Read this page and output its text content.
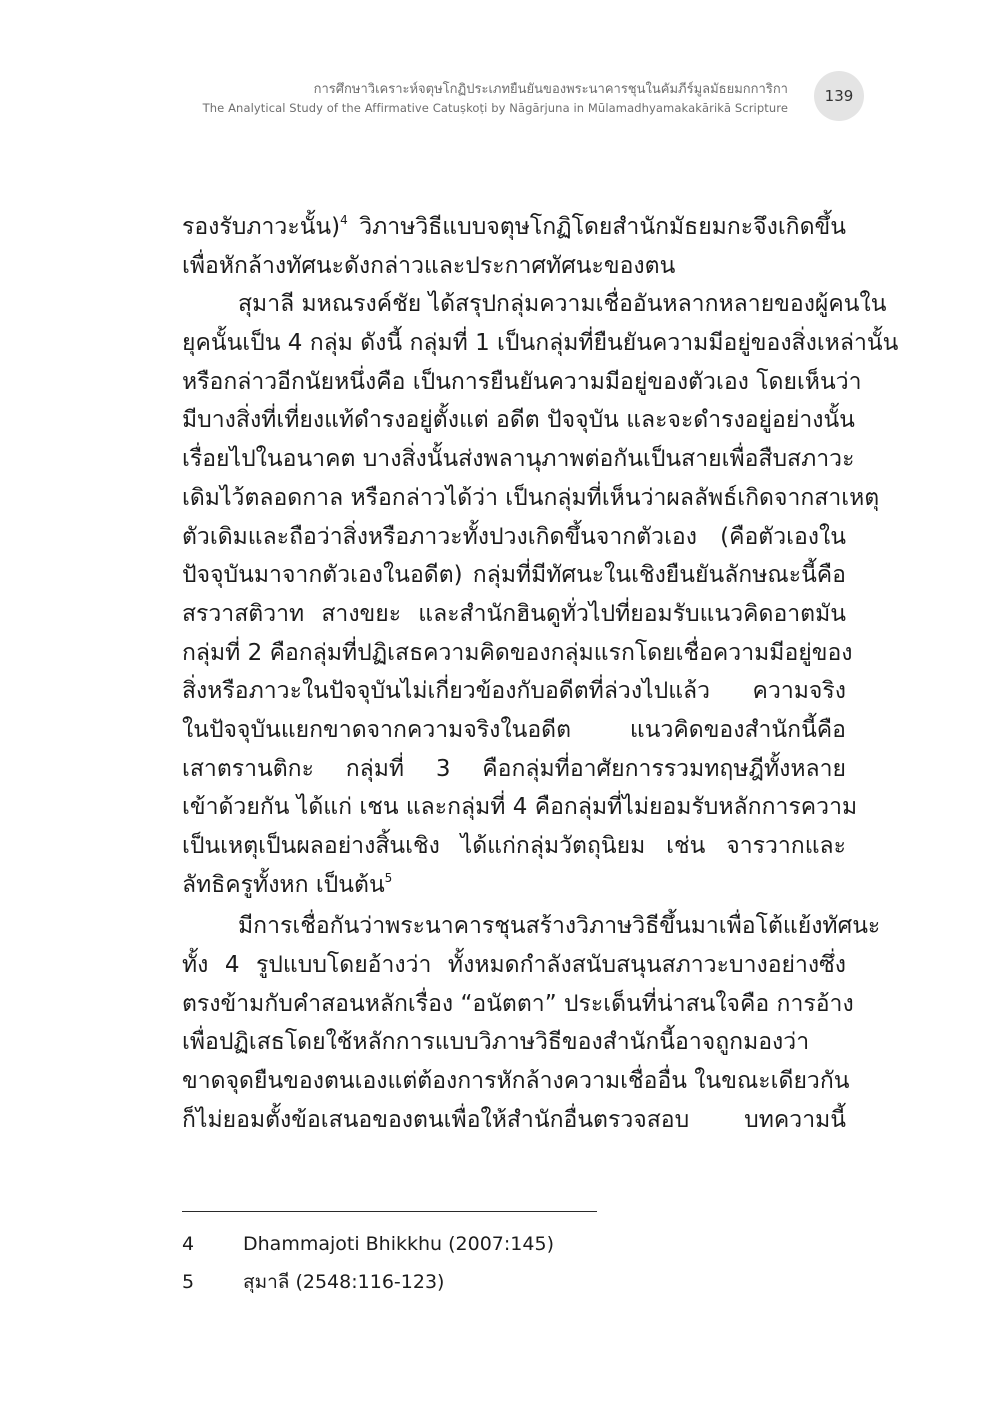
การศึกษาวิเคราะห์จตุษโกฏิประเภทยืนยันของพระนาคารชุนในคัมภีร์มูลมัธยมกการิกา
The Analytical Study of the Affirmative Catuṣkoṭi by Nāgārjuna in Mūlamadhyamakakārikā Scripture
139
รองรับภาวะนั้น)$^4$ วิภาษวิธีแบบจตุษโกฏิโดยสำนักมัธยมกะจึงเกิดขึ้น
เพื่อหักล้างทัศนะดังกล่าวและประกาศทัศนะของตน
สุมาลี มหณรงค์ชัย ได้สรุปกลุ่มความเชื่ออันหลากหลายของผู้คนใน
ยุคนั้นเป็น 4 กลุ่ม ดังนี้ กลุ่มที่ 1 เป็นกลุ่มที่ยืนยันความมีอยู่ของสิ่งเหล่านั้น
หรือกล่าวอีกนัยหนึ่งคือ เป็นการยืนยันความมีอยู่ของตัวเอง โดยเห็นว่า
มีบางสิ่งที่เที่ยงแท้ดำรงอยู่ตั้งแต่ อดีต ปัจจุบัน และจะดำรงอยู่อย่างนั้น
เรื่อยไปในอนาคต บางสิ่งนั้นส่งพลานุภาพต่อกันเป็นสายเพื่อสืบสภาวะ
เดิมไว้ตลอดกาล หรือกล่าวได้ว่า เป็นกลุ่มที่เห็นว่าผลลัพธ์เกิดจากสาเหตุ
ตัวเดิมและถือว่าสิ่งหรือภาวะทั้งปวงเกิดขึ้นจากตัวเอง (คือตัวเองใน
ปัจจุบันมาจากตัวเองในอดีต) กลุ่มที่มีทัศนะในเชิงยืนยันลักษณะนี้คือ
สรวาสติวาท สางขยะ และสำนักฮินดูทั่วไปที่ยอมรับแนวคิดอาตมัน
กลุ่มที่ 2 คือกลุ่มที่ปฏิเสธความคิดของกลุ่มแรกโดยเชื่อความมีอยู่ของ
สิ่งหรือภาวะในปัจจุบันไม่เกี่ยวข้องกับอดีตที่ล่วงไปแล้ว ความจริง
ในปัจจุบันแยกขาดจากความจริงในอดีต แนวคิดของสำนักนี้คือ
เสาตรานติกะ กลุ่มที่ 3 คือกลุ่มที่อาศัยการรวมทฤษฎีทั้งหลาย
เข้าด้วยกัน ได้แก่ เชน และกลุ่มที่ 4 คือกลุ่มที่ไม่ยอมรับหลักการความ
เป็นเหตุเป็นผลอย่างสิ้นเชิง ได้แก่กลุ่มวัตถุนิยม เช่น จารวากและ
ลัทธิครูทั้งหก เป็นต้น$^5$
มีการเชื่อกันว่าพระนาคารชุนสร้างวิภาษวิธีขึ้นมาเพื่อโต้แย้งทัศนะ
ทั้ง 4 รูปแบบโดยอ้างว่า ทั้งหมดกำลังสนับสนุนสภาวะบางอย่างซึ่ง
ตรงข้ามกับคำสอนหลักเรื่อง “อนัตตา” ประเด็นที่น่าสนใจคือ การอ้าง
เพื่อปฏิเสธโดยใช้หลักการแบบวิภาษวิธีของสำนักนี้อาจถูกมองว่า
ขาดจุดยืนของตนเองแต่ต้องการหักล้างความเชื่ออื่น ในขณะเดียวกัน
ก็ไม่ยอมตั้งข้อเสนอของตนเพื่อให้สำนักอื่นตรวจสอบ บทความนี้
4	Dhammajoti Bhikkhu (2007:145)
5	สุมาลี (2548:116-123)
